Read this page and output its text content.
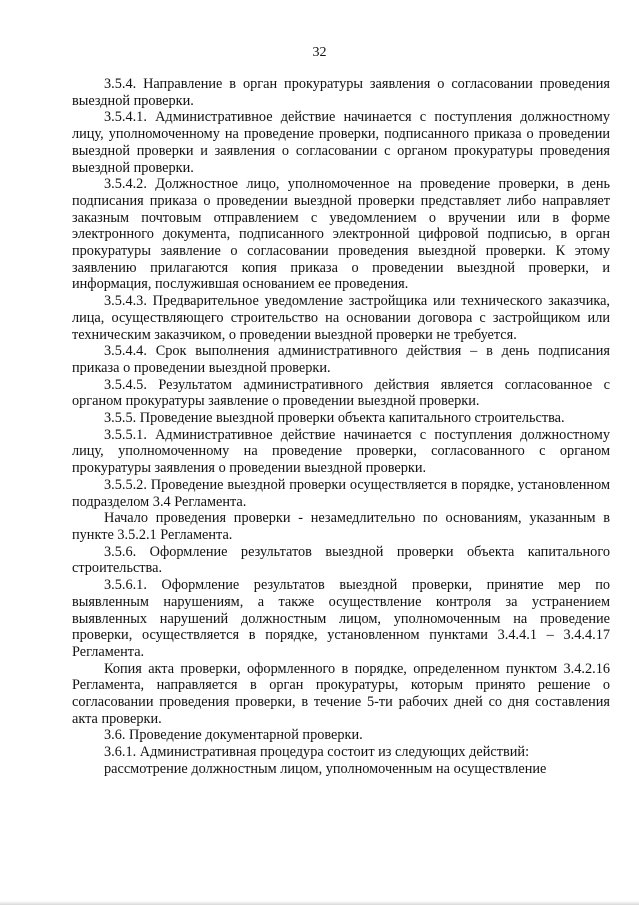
32

3.5.4. Направление в орган прокуратуры заявления о согласовании проведения выездной проверки.

3.5.4.1. Административное действие начинается с поступления должностному лицу, уполномоченному на проведение проверки, подписанного приказа о проведении выездной проверки и заявления о согласовании с органом прокуратуры проведения выездной проверки.

3.5.4.2. Должностное лицо, уполномоченное на проведение проверки, в день подписания приказа о проведении выездной проверки представляет либо направляет заказным почтовым отправлением с уведомлением о вручении или в форме электронного документа, подписанного электронной цифровой подписью, в орган прокуратуры заявление о согласовании проведения выездной проверки. К этому заявлению прилагаются копия приказа о проведении выездной проверки, и информация, послужившая основанием ее проведения.

3.5.4.3. Предварительное уведомление застройщика или технического заказчика, лица, осуществляющего строительство на основании договора с застройщиком или техническим заказчиком, о проведении выездной проверки не требуется.

3.5.4.4. Срок выполнения административного действия – в день подписания приказа о проведении выездной проверки.

3.5.4.5. Результатом административного действия является согласованное с органом прокуратуры заявление о проведении выездной проверки.

3.5.5. Проведение выездной проверки объекта капитального строительства.

3.5.5.1. Административное действие начинается с поступления должностному лицу, уполномоченному на проведение проверки, согласованного с органом прокуратуры заявления о проведении выездной проверки.

3.5.5.2. Проведение выездной проверки осуществляется в порядке, установленном подразделом 3.4 Регламента.

Начало проведения проверки - незамедлительно по основаниям, указанным в пункте 3.5.2.1 Регламента.

3.5.6. Оформление результатов выездной проверки объекта капитального строительства.

3.5.6.1. Оформление результатов выездной проверки, принятие мер по выявленным нарушениям, а также осуществление контроля за устранением выявленных нарушений должностным лицом, уполномоченным на проведение проверки, осуществляется в порядке, установленном пунктами 3.4.4.1 – 3.4.4.17 Регламента.

Копия акта проверки, оформленного в порядке, определенном пунктом 3.4.2.16 Регламента, направляется в орган прокуратуры, которым принято решение о согласовании проведения проверки, в течение 5-ти рабочих дней со дня составления акта проверки.

3.6. Проведение документарной проверки.

3.6.1. Административная процедура состоит из следующих действий:

рассмотрение должностным лицом, уполномоченным на осуществление
